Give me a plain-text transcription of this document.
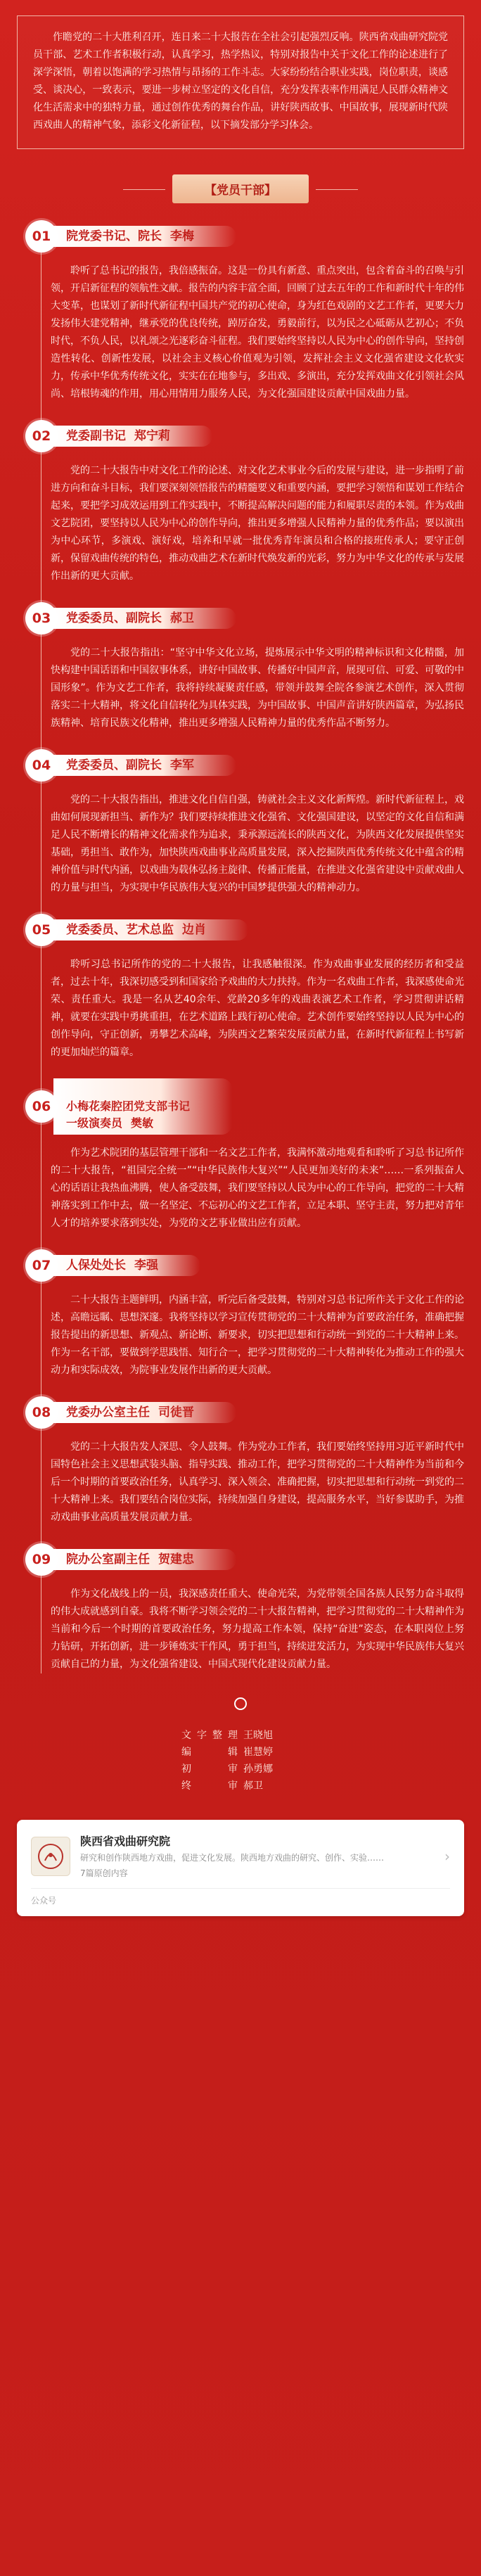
作瞻党的二十大胜利召开，连日来二十大报告在全社会引起强烈反响。陕西省戏曲研究院党员干部、艺术工作者积极行动，认真学习，热学热议，特别对报告中关于文化工作的论述进行了深学深悟，朝着以饱满的学习热情与昂扬的工作斗志。大家纷纷结合职业实践，岗位职责，谈感受、谈决心，一致表示，要进一步树立坚定的文化自信，充分发挥表率作用满足人民群众精神文化生活需求中的独特力量，通过创作优秀的舞台作品，讲好陕西故事、中国故事，展现新时代陕西戏曲人的精神气象，添彩文化新征程，以下摘发部分学习体会。

【党员干部】
01	院党委书记、院长 李梅

聆听了总书记的报告，我倍感振奋。这是一份具有新意、重点突出，包含着奋斗的召唤与引领，开启新征程的领航性文献。报告的内容丰富全面，回顾了过去五年的工作和新时代十年的伟大变革，也谋划了新时代新征程中国共产党的初心使命，身为红色戏剧的文艺工作者，更要大力发扬伟大建党精神，继承党的优良传统，踔厉奋发，勇毅前行，以为民之心砥砺从艺初心；不负时代，不负人民，以礼颂之光逐彩奋斗征程。我们要始终坚持以人民为中心的创作导向，坚持创造性转化、创新性发展，以社会主义核心价值观为引领，发挥社会主义文化强省建设文化软实力，传承中华优秀传统文化，实实在在地参与，多出戏、多演出，充分发挥戏曲文化引领社会风尚、培根铸魂的作用，用心用情用力服务人民，为文化强国建设贡献中国戏曲力量。

02	党委副书记 郑宁莉

党的二十大报告中对文化工作的论述、对文化艺术事业今后的发展与建设，进一步指明了前进方向和奋斗目标，我们要深刻领悟报告的精髓要义和重要内涵，要把学习领悟和谋划工作结合起来，要把学习成效运用到工作实践中，不断提高解决问题的能力和履职尽责的本领。作为戏曲文艺院团，要坚持以人民为中心的创作导向，推出更多增强人民精神力量的优秀作品；要以演出为中心环节，多演戏、演好戏，培养和早就一批优秀青年演员和合格的接班传承人；要守正创新，保留戏曲传统的特色，推动戏曲艺术在新时代焕发新的光彩，努力为中华文化的传承与发展作出新的更大贡献。

03	党委委员、副院长 郝卫

党的二十大报告指出：“坚守中华文化立场，提炼展示中华文明的精神标识和文化精髓，加快构建中国话语和中国叙事体系，讲好中国故事、传播好中国声音，展现可信、可爱、可敬的中国形象”。作为文艺工作者，我将持续凝聚责任感，带领并鼓舞全院各参演艺术创作，深入贯彻落实二十大精神，将文化自信转化为具体实践，为中国故事、中国声音讲好陕西篇章，为弘扬民族精神、培育民族文化精神，推出更多增强人民精神力量的优秀作品不断努力。

04	党委委员、副院长 李军

党的二十大报告指出，推进文化自信自强，铸就社会主义文化新辉煌。新时代新征程上，戏曲如何展现新担当、新作为？我们要持续推进文化强省、文化强国建设，以坚定的文化自信和满足人民不断增长的精神文化需求作为追求，秉承源远流长的陕西文化，为陕西文化发展提供坚实基础，勇担当、敢作为，加快陕西戏曲事业高质量发展，深入挖掘陕西优秀传统文化中蕴含的精神价值与时代内涵，以戏曲为载体弘扬主旋律、传播正能量，在推进文化强省建设中贡献戏曲人的力量与担当，为实现中华民族伟大复兴的中国梦提供强大的精神动力。

05	党委委员、艺术总监 边肖

聆听习总书记所作的党的二十大报告，让我感触很深。作为戏曲事业发展的经历者和受益者，过去十年，我深切感受到和国家给予戏曲的大力扶持。作为一名戏曲工作者，我深感使命光荣、责任重大。我是一名从艺40余年、党龄20多年的戏曲表演艺术工作者，学习贯彻讲话精神，就要在实践中勇挑重担，在艺术道路上践行初心使命。艺术创作要始终坚持以人民为中心的创作导向，守正创新，勇攀艺术高峰，为陕西文艺繁荣发展贡献力量，在新时代新征程上书写新的更加灿烂的篇章。

06	小梅花秦腔团党支部书记
一级演奏员 樊敏

作为艺术院团的基层管理干部和一名文艺工作者，我满怀激动地观看和聆听了习总书记所作的二十大报告，“祖国完全统一”“中华民族伟大复兴”“人民更加美好的未来”……一系列振奋人心的话语让我热血沸腾，使人备受鼓舞，我们要坚持以人民为中心的工作导向，把党的二十大精神落实到工作中去，做一名坚定、不忘初心的文艺工作者，立足本职、坚守主责，努力把对青年人才的培养要求落到实处，为党的文艺事业做出应有贡献。

07	人保处处长 李强

二十大报告主题鲜明，内涵丰富，听完后备受鼓舞，特别对习总书记所作关于文化工作的论述，高瞻远瞩、思想深邃。我将坚持以学习宣传贯彻党的二十大精神为首要政治任务，准确把握报告提出的新思想、新观点、新论断、新要求，切实把思想和行动统一到党的二十大精神上来。作为一名干部，要做到学思践悟、知行合一，把学习贯彻党的二十大精神转化为推动工作的强大动力和实际成效，为院事业发展作出新的更大贡献。

08	党委办公室主任 司徒晋

党的二十大报告发人深思、令人鼓舞。作为党办工作者，我们要始终坚持用习近平新时代中国特色社会主义思想武装头脑、指导实践、推动工作，把学习贯彻党的二十大精神作为当前和今后一个时期的首要政治任务，认真学习、深入领会、准确把握，切实把思想和行动统一到党的二十大精神上来。我们要结合岗位实际，持续加强自身建设，提高服务水平，当好参谋助手，为推动戏曲事业高质量发展贡献力量。

09	院办公室副主任 贺建忠

作为文化战线上的一员，我深感责任重大、使命光荣，为党带领全国各族人民努力奋斗取得的伟大成就感到自豪。我将不断学习领会党的二十大报告精神，把学习贯彻党的二十大精神作为当前和今后一个时期的首要政治任务，努力提高工作本领，保持“奋进”姿态，在本职岗位上努力钻研，开拓创新，进一步锤炼实干作风，勇于担当，持续迸发活力，为实现中华民族伟大复兴贡献自己的力量，为文化强省建设、中国式现代化建设贡献力量。

文字整理 王晓旭
编辑 崔慧婷
初审 孙勇娜
终审 郝卫
陕西省戏曲研究院
研究和创作陕西地方戏曲，促进文化发展。陕西地方戏曲的研究、创作、实验……
7篇原创内容
›
公众号
